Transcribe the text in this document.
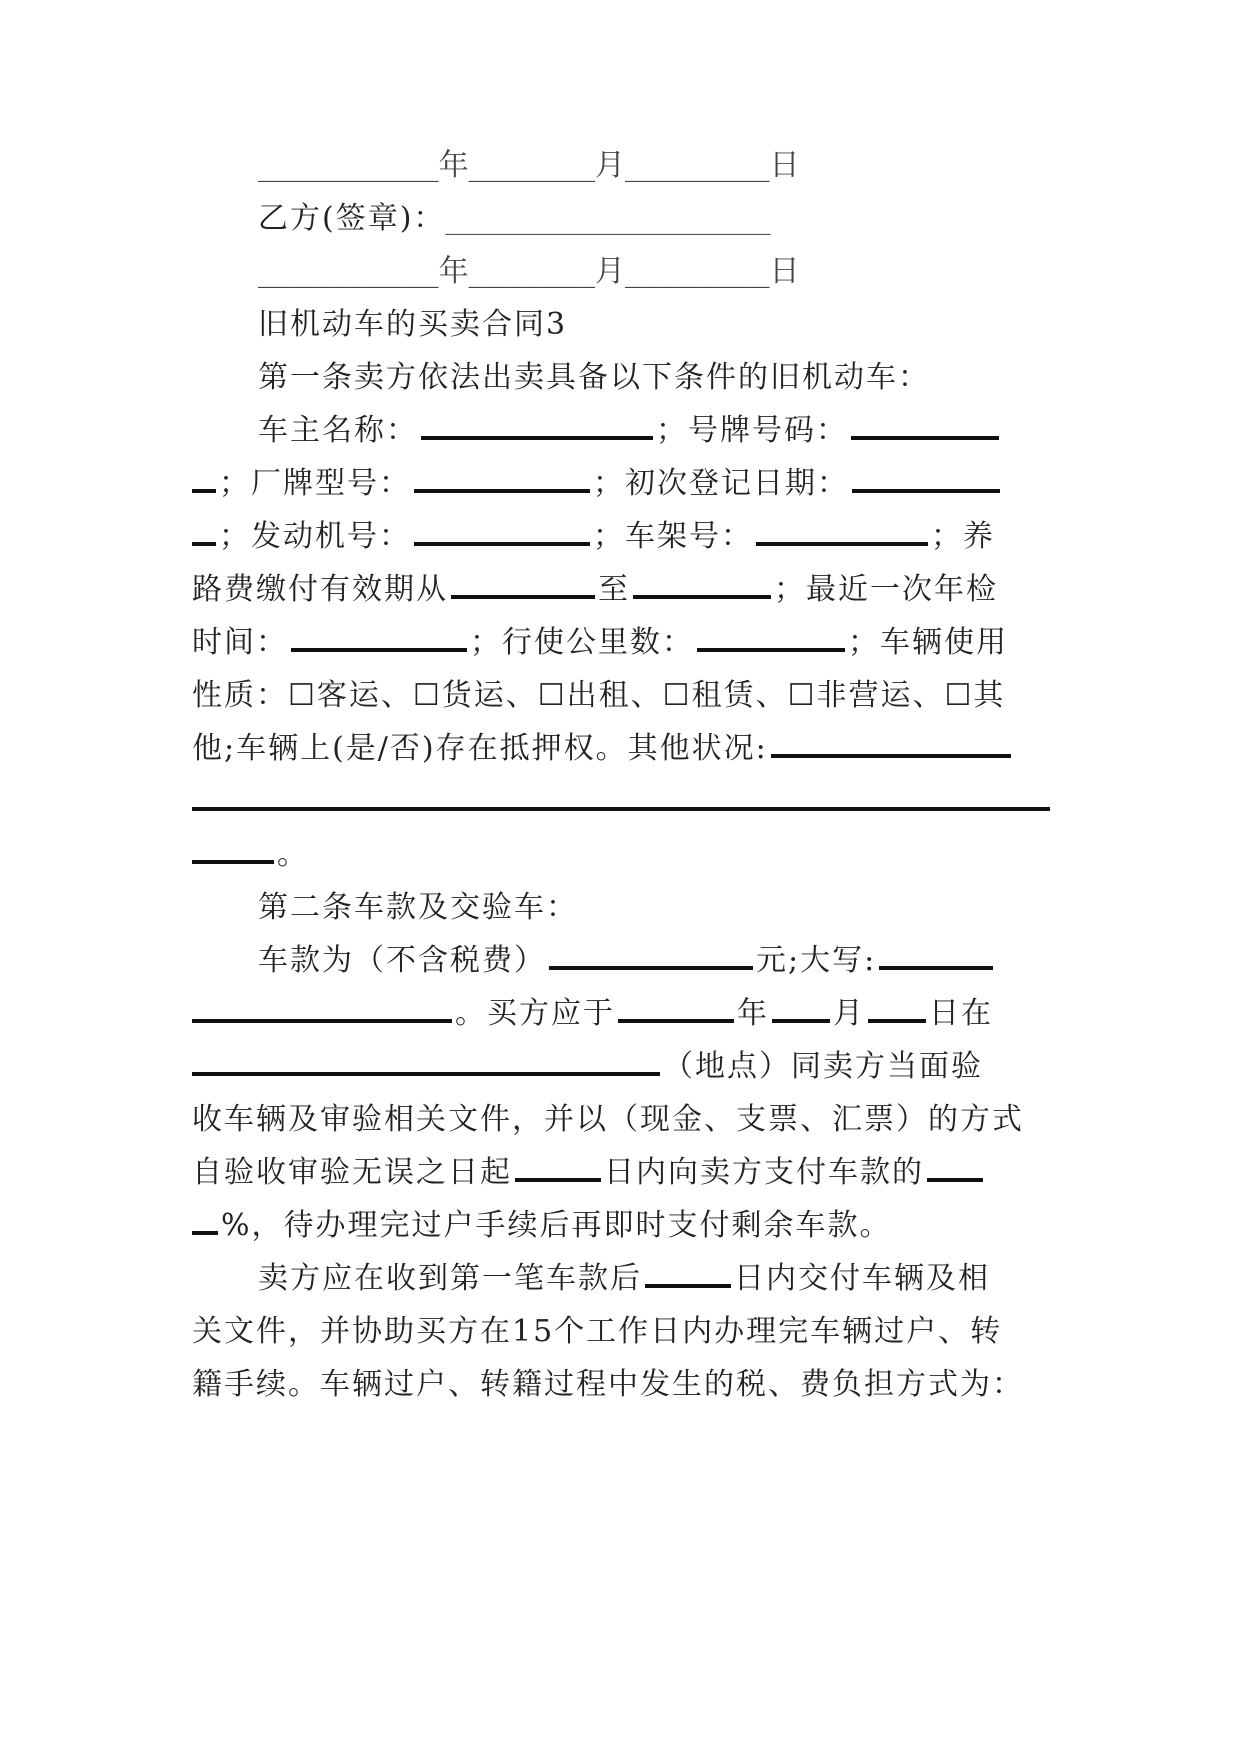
__________年_______月________日
乙方(签章)：__________________
__________年_______月________日
旧机动车的买卖合同3
第一条卖方依法出卖具备以下条件的旧机动车：
车主名称：	；号牌号码：
；厂牌型号：	；初次登记日期：
；发动机号：	；车架号：	；养
路费缴付有效期从	至	；最近一次年检
时间：	；行使公里数：	；车辆使用
性质：☐客运、☐货运、☐出租、☐租赁、☐非营运、☐其
他;车辆上(是/否)存在抵押权。其他状况:
。
第二条车款及交验车：
车款为（不含税费）	元;大写:
。买方应于	年 月 日在
（地点）同卖方当面验
收车辆及审验相关文件，并以（现金、支票、汇票）的方式
自验收审验无误之日起	日内向卖方支付车款的
%，待办理完过户手续后再即时支付剩余车款。
卖方应在收到第一笔车款后	日内交付车辆及相
关文件，并协助买方在15个工作日内办理完车辆过户、转
籍手续。车辆过户、转籍过程中发生的税、费负担方式为：
